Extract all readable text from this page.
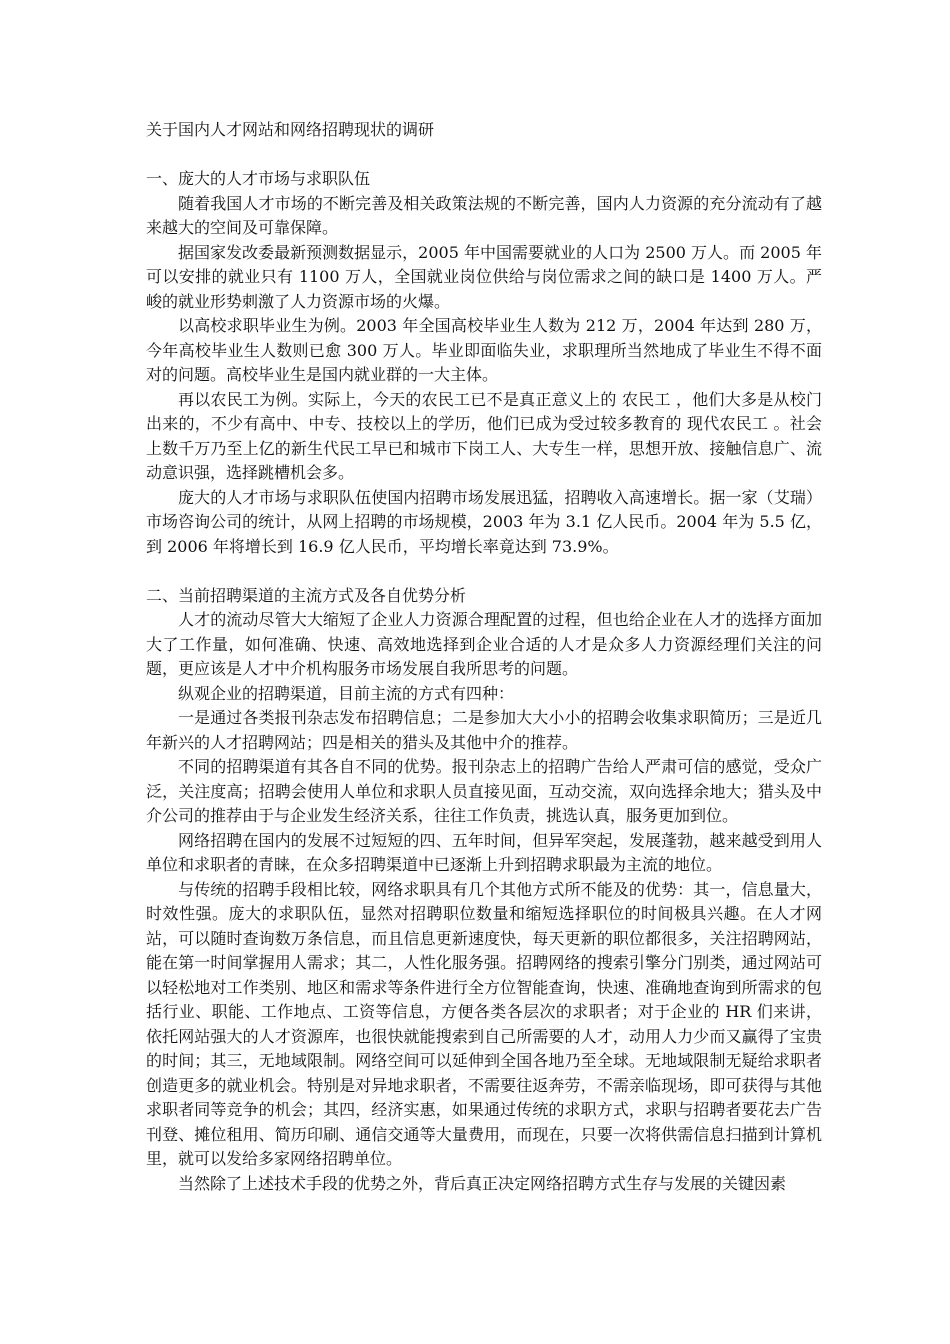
关于国内人才网站和网络招聘现状的调研

一、庞大的人才市场与求职队伍

随着我国人才市场的不断完善及相关政策法规的不断完善，国内人力资源的充分流动有了越来越大的空间及可靠保障。

据国家发改委最新预测数据显示，2005 年中国需要就业的人口为 2500 万人。而 2005 年可以安排的就业只有 1100 万人，全国就业岗位供给与岗位需求之间的缺口是 1400 万人。严峻的就业形势刺激了人力资源市场的火爆。

以高校求职毕业生为例。2003 年全国高校毕业生人数为 212 万，2004 年达到 280 万，今年高校毕业生人数则已愈 300 万人。毕业即面临失业，求职理所当然地成了毕业生不得不面对的问题。高校毕业生是国内就业群的一大主体。

再以农民工为例。实际上，今天的农民工已不是真正意义上的 农民工 ，他们大多是从校门出来的，不少有高中、中专、技校以上的学历，他们已成为受过较多教育的 现代农民工 。社会上数千万乃至上亿的新生代民工早已和城市下岗工人、大专生一样，思想开放、接触信息广、流动意识强，选择跳槽机会多。

庞大的人才市场与求职队伍使国内招聘市场发展迅猛，招聘收入高速增长。据一家（艾瑞）市场咨询公司的统计，从网上招聘的市场规模，2003 年为 3.1 亿人民币。2004 年为 5.5 亿，到 2006 年将增长到 16.9 亿人民币，平均增长率竟达到 73.9%。

二、当前招聘渠道的主流方式及各自优势分析

人才的流动尽管大大缩短了企业人力资源合理配置的过程，但也给企业在人才的选择方面加大了工作量，如何准确、快速、高效地选择到企业合适的人才是众多人力资源经理们关注的问题，更应该是人才中介机构服务市场发展自我所思考的问题。

纵观企业的招聘渠道，目前主流的方式有四种：

一是通过各类报刊杂志发布招聘信息；二是参加大大小小的招聘会收集求职简历；三是近几年新兴的人才招聘网站；四是相关的猎头及其他中介的推荐。

不同的招聘渠道有其各自不同的优势。报刊杂志上的招聘广告给人严肃可信的感觉，受众广泛，关注度高；招聘会使用人单位和求职人员直接见面，互动交流，双向选择余地大；猎头及中介公司的推荐由于与企业发生经济关系，往往工作负责，挑选认真，服务更加到位。

网络招聘在国内的发展不过短短的四、五年时间，但异军突起，发展蓬勃，越来越受到用人单位和求职者的青睐，在众多招聘渠道中已逐渐上升到招聘求职最为主流的地位。

与传统的招聘手段相比较，网络求职具有几个其他方式所不能及的优势：其一，信息量大，时效性强。庞大的求职队伍，显然对招聘职位数量和缩短选择职位的时间极具兴趣。在人才网站，可以随时查询数万条信息，而且信息更新速度快，每天更新的职位都很多，关注招聘网站，能在第一时间掌握用人需求；其二，人性化服务强。招聘网络的搜索引擎分门别类，通过网站可以轻松地对工作类别、地区和需求等条件进行全方位智能查询，快速、准确地查询到所需求的包括行业、职能、工作地点、工资等信息，方便各类各层次的求职者；对于企业的 HR 们来讲，依托网站强大的人才资源库，也很快就能搜索到自己所需要的人才，动用人力少而又赢得了宝贵的时间；其三，无地域限制。网络空间可以延伸到全国各地乃至全球。无地域限制无疑给求职者创造更多的就业机会。特别是对异地求职者，不需要往返奔劳，不需亲临现场，即可获得与其他求职者同等竞争的机会；其四，经济实惠，如果通过传统的求职方式，求职与招聘者要花去广告刊登、摊位租用、简历印刷、通信交通等大量费用，而现在，只要一次将供需信息扫描到计算机里，就可以发给多家网络招聘单位。

当然除了上述技术手段的优势之外，背后真正决定网络招聘方式生存与发展的关键因素
